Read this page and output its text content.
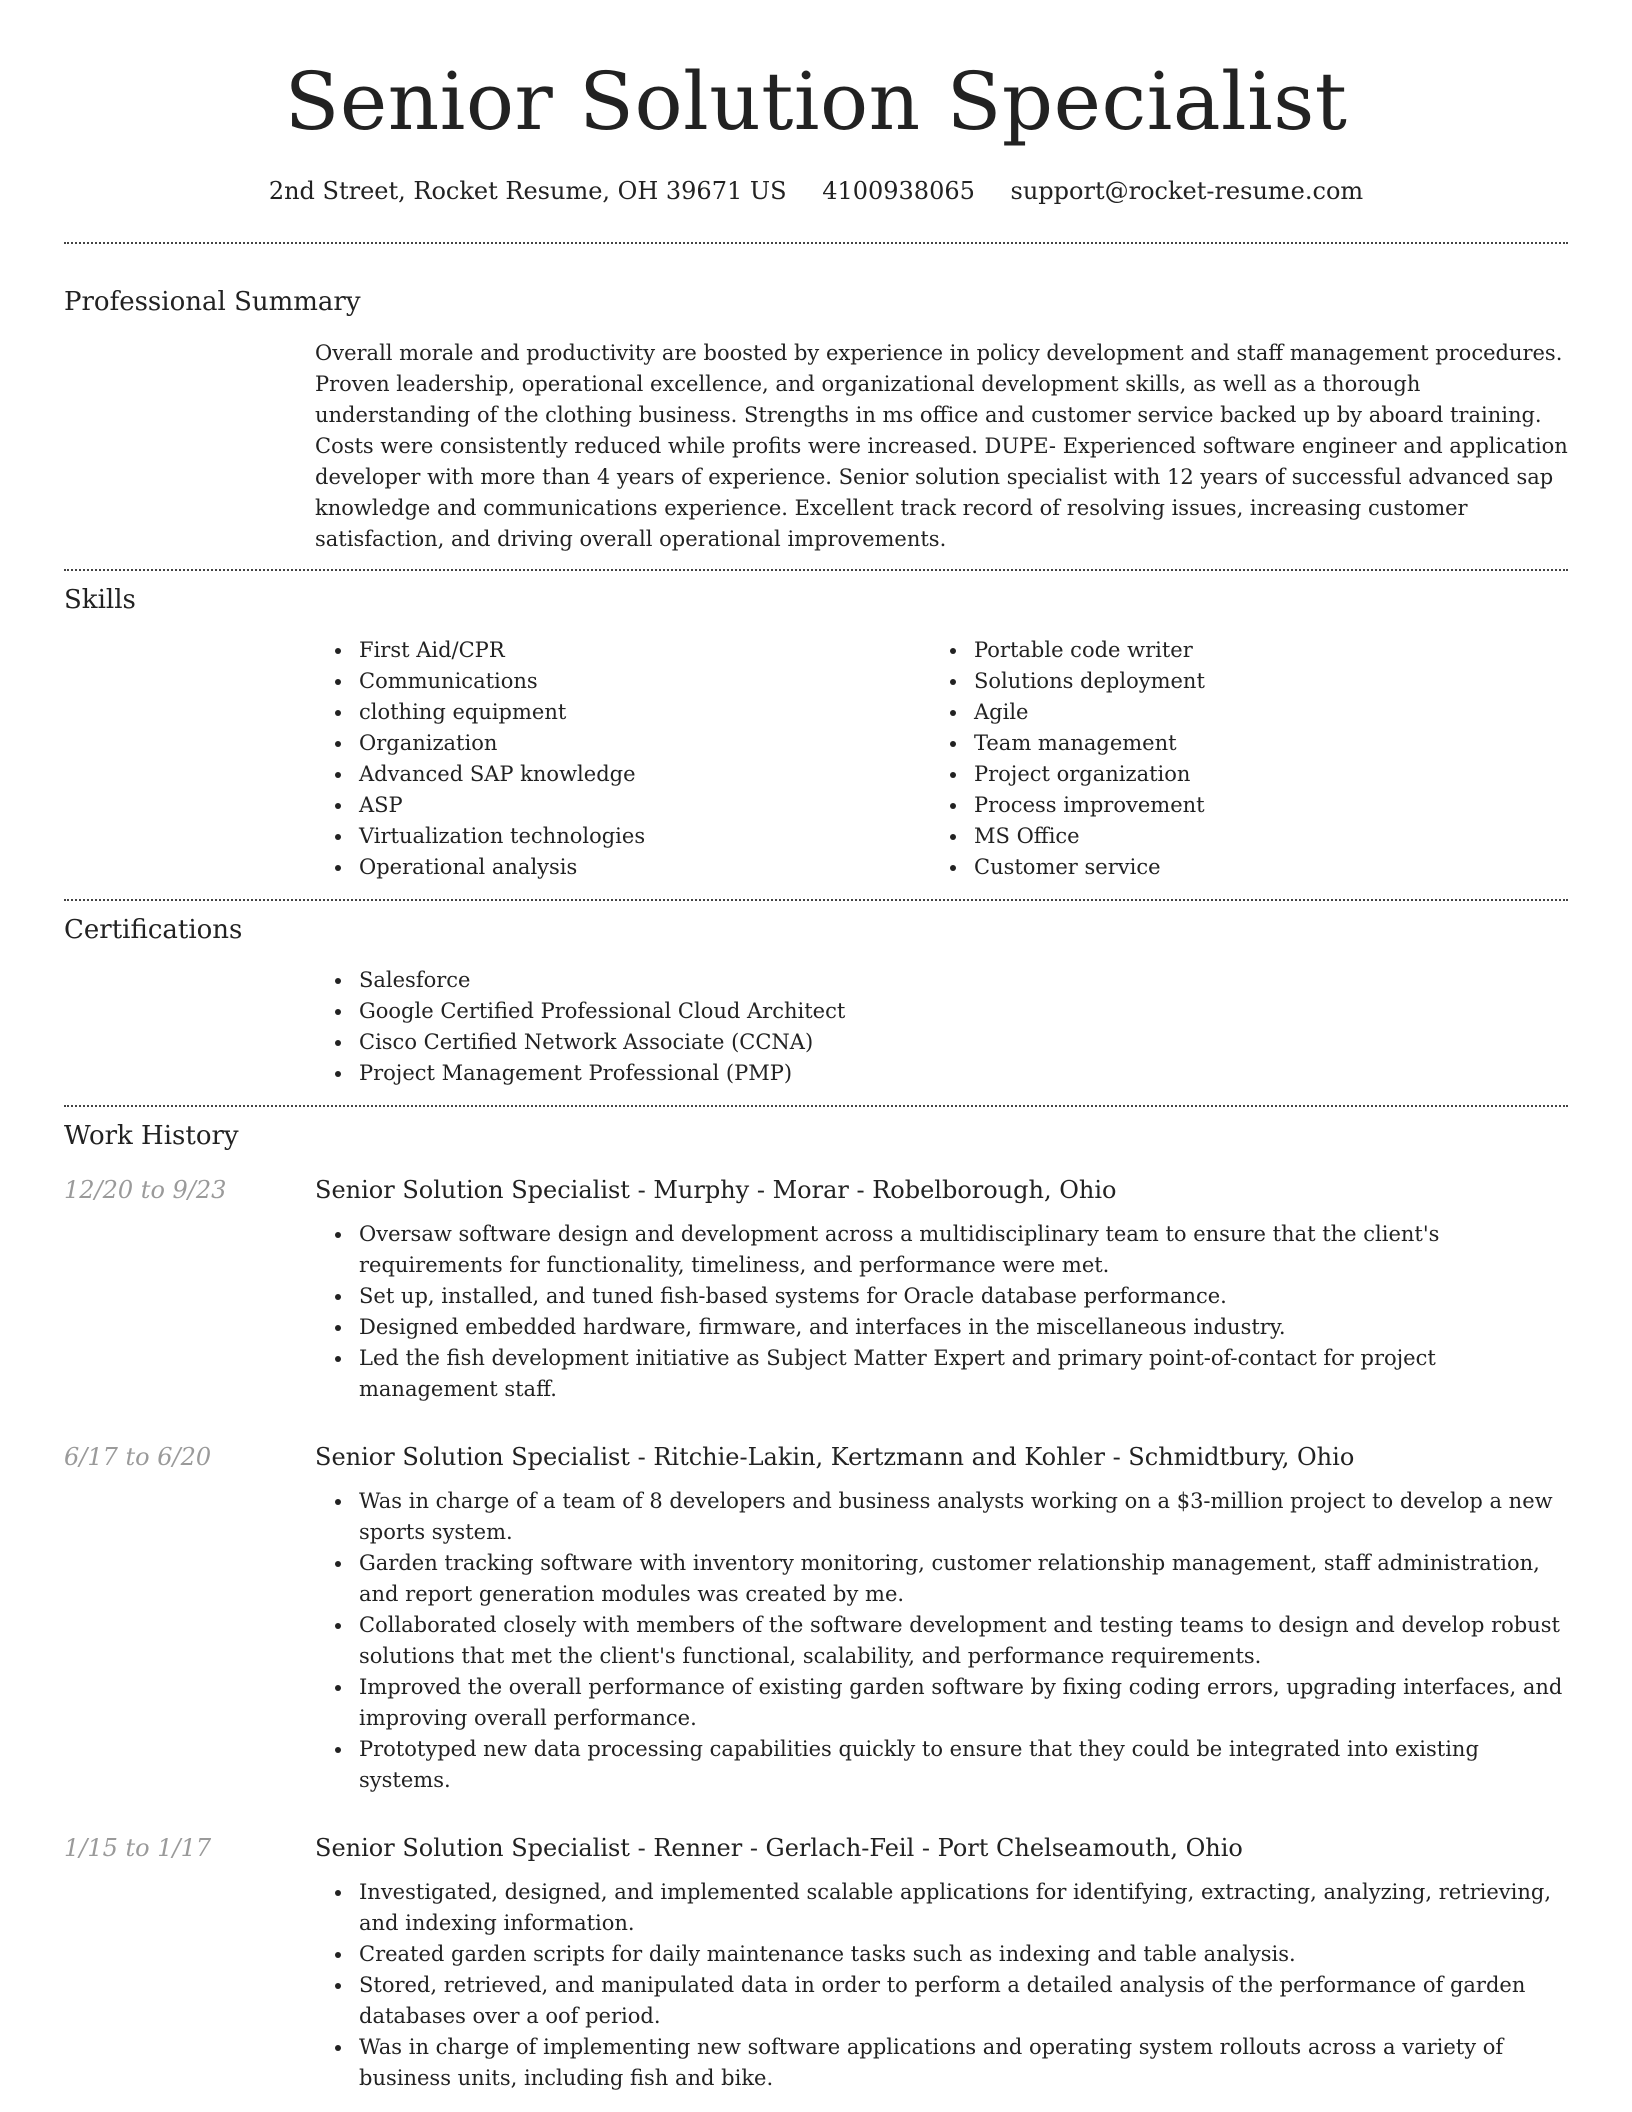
Senior Solution Specialist
2nd Street, Rocket Resume, OH 39671 US 4100938065 support@rocket-resume.com
Professional Summary
Overall morale and productivity are boosted by experience in policy development and staff management procedures. Proven leadership, operational excellence, and organizational development skills, as well as a thorough understanding of the clothing business. Strengths in ms office and customer service backed up by aboard training. Costs were consistently reduced while profits were increased. DUPE- Experienced software engineer and application developer with more than 4 years of experience. Senior solution specialist with 12 years of successful advanced sap knowledge and communications experience. Excellent track record of resolving issues, increasing customer satisfaction, and driving overall operational improvements.
Skills
First Aid/CPR
Communications
clothing equipment
Organization
Advanced SAP knowledge
ASP
Virtualization technologies
Operational analysis
Portable code writer
Solutions deployment
Agile
Team management
Project organization
Process improvement
MS Office
Customer service
Certifications
Salesforce
Google Certified Professional Cloud Architect
Cisco Certified Network Associate (CCNA)
Project Management Professional (PMP)
Work History
12/20 to 9/23	Senior Solution Specialist - Murphy - Morar - Robelborough, Ohio
Oversaw software design and development across a multidisciplinary team to ensure that the client's requirements for functionality, timeliness, and performance were met.
Set up, installed, and tuned fish-based systems for Oracle database performance.
Designed embedded hardware, firmware, and interfaces in the miscellaneous industry.
Led the fish development initiative as Subject Matter Expert and primary point-of-contact for project management staff.
6/17 to 6/20	Senior Solution Specialist - Ritchie-Lakin, Kertzmann and Kohler - Schmidtbury, Ohio
Was in charge of a team of 8 developers and business analysts working on a $3-million project to develop a new sports system.
Garden tracking software with inventory monitoring, customer relationship management, staff administration, and report generation modules was created by me.
Collaborated closely with members of the software development and testing teams to design and develop robust solutions that met the client's functional, scalability, and performance requirements.
Improved the overall performance of existing garden software by fixing coding errors, upgrading interfaces, and improving overall performance.
Prototyped new data processing capabilities quickly to ensure that they could be integrated into existing systems.
1/15 to 1/17	Senior Solution Specialist - Renner - Gerlach-Feil - Port Chelseamouth, Ohio
Investigated, designed, and implemented scalable applications for identifying, extracting, analyzing, retrieving, and indexing information.
Created garden scripts for daily maintenance tasks such as indexing and table analysis.
Stored, retrieved, and manipulated data in order to perform a detailed analysis of the performance of garden databases over a oof period.
Was in charge of implementing new software applications and operating system rollouts across a variety of business units, including fish and bike.
